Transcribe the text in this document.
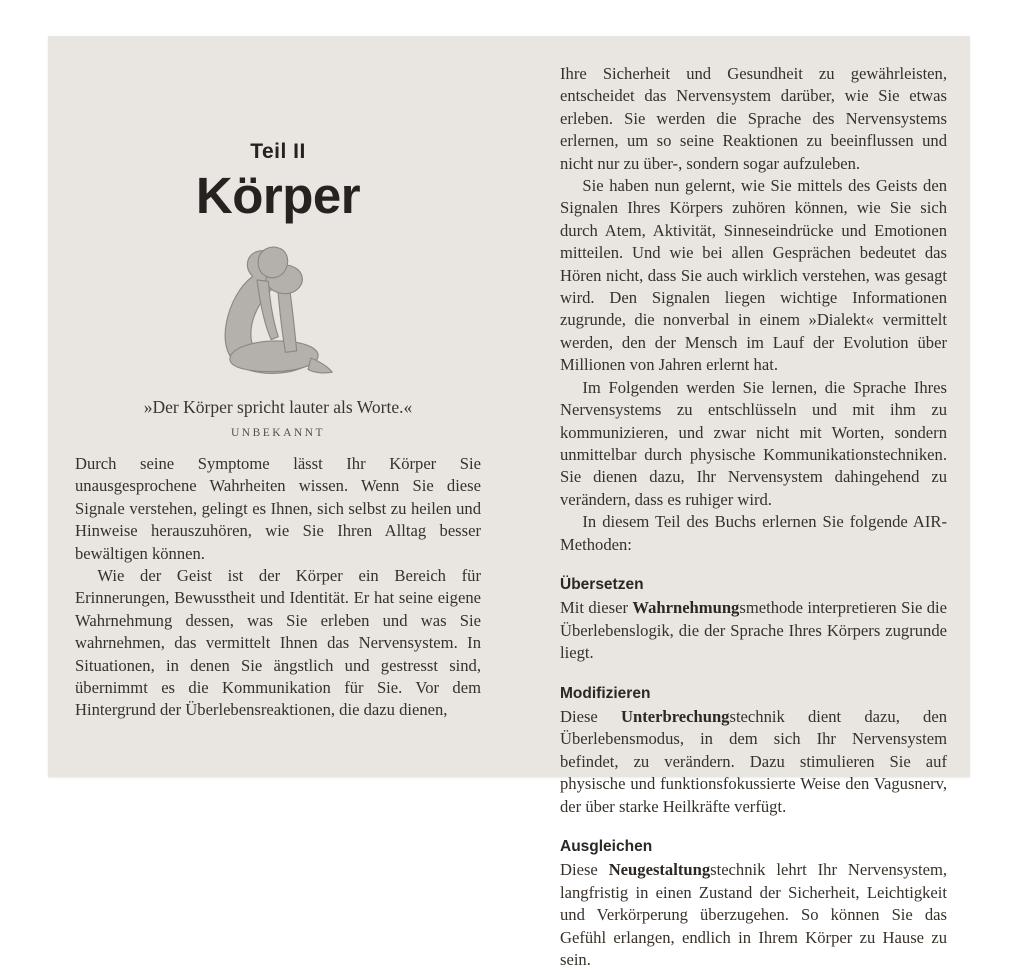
Teil II
Körper
»Der Körper spricht lauter als Worte.«
UNBEKANNT

Durch seine Symptome lässt Ihr Körper Sie unausgesprochene Wahrheiten wissen. Wenn Sie diese Signale verstehen, gelingt es Ihnen, sich selbst zu heilen und Hinweise herauszuhören, wie Sie Ihren Alltag besser bewältigen können.

Wie der Geist ist der Körper ein Bereich für Erinnerungen, Bewusstheit und Identität. Er hat seine eigene Wahrnehmung dessen, was Sie erleben und was Sie wahrnehmen, das vermittelt Ihnen das Nervensystem. In Situationen, in denen Sie ängstlich und gestresst sind, übernimmt es die Kommunikation für Sie. Vor dem Hintergrund der Überlebensreaktionen, die dazu dienen,

Ihre Sicherheit und Gesundheit zu gewährleisten, entscheidet das Nervensystem darüber, wie Sie etwas erleben. Sie werden die Sprache des Nervensystems erlernen, um so seine Reaktionen zu beeinflussen und nicht nur zu über-, sondern sogar aufzuleben.

Sie haben nun gelernt, wie Sie mittels des Geists den Signalen Ihres Körpers zuhören können, wie Sie sich durch Atem, Aktivität, Sinneseindrücke und Emotionen mitteilen. Und wie bei allen Gesprächen bedeutet das Hören nicht, dass Sie auch wirklich verstehen, was gesagt wird. Den Signalen liegen wichtige Informationen zugrunde, die nonverbal in einem »Dialekt« vermittelt werden, den der Mensch im Lauf der Evolution über Millionen von Jahren erlernt hat.

Im Folgenden werden Sie lernen, die Sprache Ihres Nervensystems zu entschlüsseln und mit ihm zu kommunizieren, und zwar nicht mit Worten, sondern unmittelbar durch physische Kommunikationstechniken. Sie dienen dazu, Ihr Nervensystem dahingehend zu verändern, dass es ruhiger wird.

In diesem Teil des Buchs erlernen Sie folgende AIR-Methoden:

Übersetzen

Mit dieser Wahrnehmungsmethode interpretieren Sie die Überlebenslogik, die der Sprache Ihres Körpers zugrunde liegt.

Modifizieren

Diese Unterbrechungstechnik dient dazu, den Überlebensmodus, in dem sich Ihr Nervensystem befindet, zu verändern. Dazu stimulieren Sie auf physische und funktionsfokussierte Weise den Vagusnerv, der über starke Heilkräfte verfügt.

Ausgleichen

Diese Neugestaltungstechnik lehrt Ihr Nervensystem, langfristig in einen Zustand der Sicherheit, Leichtigkeit und Verkörperung überzugehen. So können Sie das Gefühl erlangen, endlich in Ihrem Körper zu Hause zu sein.
